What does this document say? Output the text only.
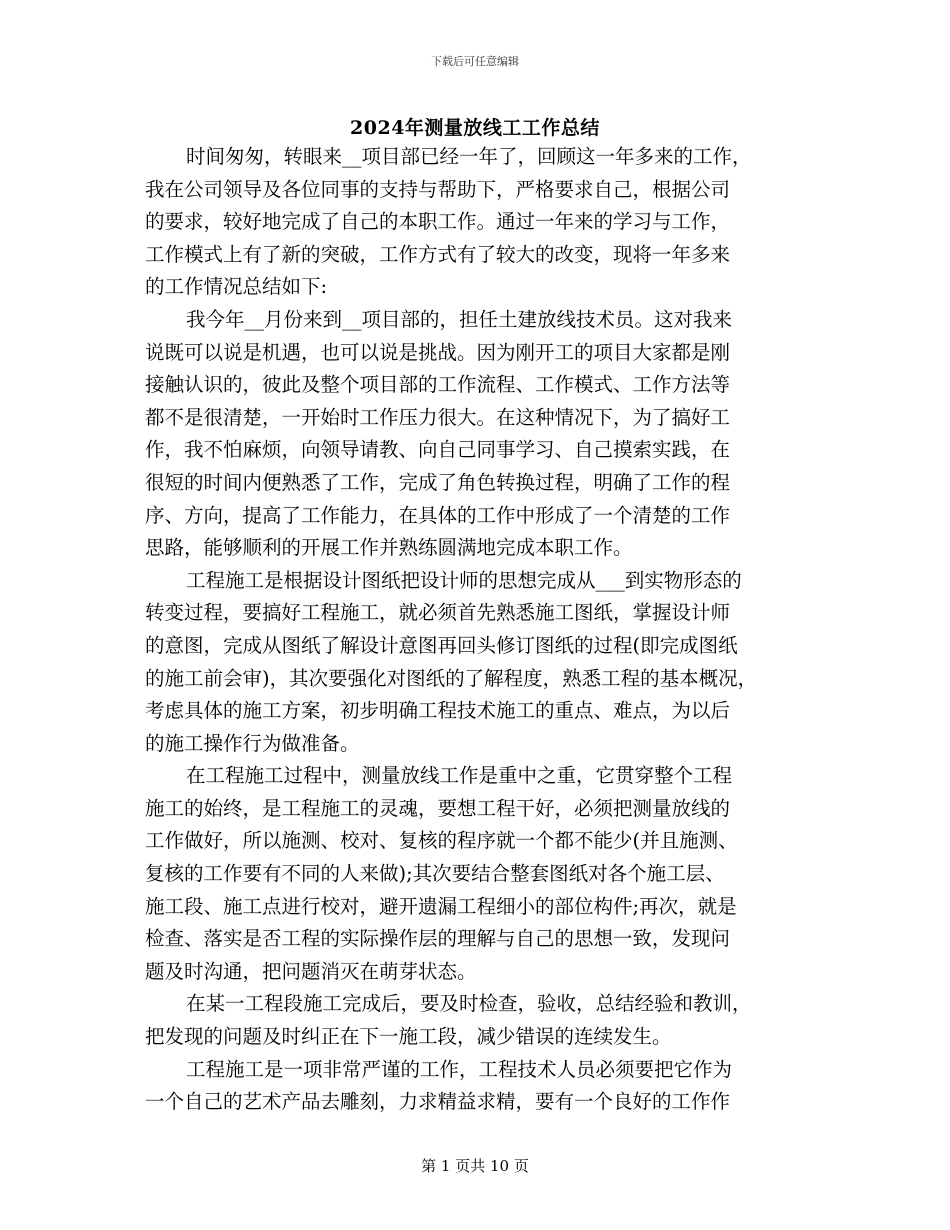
下载后可任意编辑
2024年测量放线工工作总结
时间匆匆，转眼来__项目部已经一年了，回顾这一年多来的工作，
我在公司领导及各位同事的支持与帮助下，严格要求自己，根据公司
的要求，较好地完成了自己的本职工作。通过一年来的学习与工作，
工作模式上有了新的突破，工作方式有了较大的改变，现将一年多来
的工作情况总结如下:
我今年__月份来到__项目部的，担任土建放线技术员。这对我来
说既可以说是机遇，也可以说是挑战。因为刚开工的项目大家都是刚
接触认识的，彼此及整个项目部的工作流程、工作模式、工作方法等
都不是很清楚，一开始时工作压力很大。在这种情况下，为了搞好工
作，我不怕麻烦，向领导请教、向自己同事学习、自己摸索实践，在
很短的时间内便熟悉了工作，完成了角色转换过程，明确了工作的程
序、方向，提高了工作能力，在具体的工作中形成了一个清楚的工作
思路，能够顺利的开展工作并熟练圆满地完成本职工作。
工程施工是根据设计图纸把设计师的思想完成从___到实物形态的
转变过程，要搞好工程施工，就必须首先熟悉施工图纸，掌握设计师
的意图，完成从图纸了解设计意图再回头修订图纸的过程(即完成图纸
的施工前会审)，其次要强化对图纸的了解程度，熟悉工程的基本概况，
考虑具体的施工方案，初步明确工程技术施工的重点、难点，为以后
的施工操作行为做准备。
在工程施工过程中，测量放线工作是重中之重，它贯穿整个工程
施工的始终，是工程施工的灵魂，要想工程干好，必须把测量放线的
工作做好，所以施测、校对、复核的程序就一个都不能少(并且施测、
复核的工作要有不同的人来做);其次要结合整套图纸对各个施工层、
施工段、施工点进行校对，避开遗漏工程细小的部位构件;再次，就是
检查、落实是否工程的实际操作层的理解与自己的思想一致，发现问
题及时沟通，把问题消灭在萌芽状态。
在某一工程段施工完成后，要及时检查，验收，总结经验和教训，
把发现的问题及时纠正在下一施工段，减少错误的连续发生。
工程施工是一项非常严谨的工作，工程技术人员必须要把它作为
一个自己的艺术产品去雕刻，力求精益求精，要有一个良好的工作作
第 1 页共 10 页
